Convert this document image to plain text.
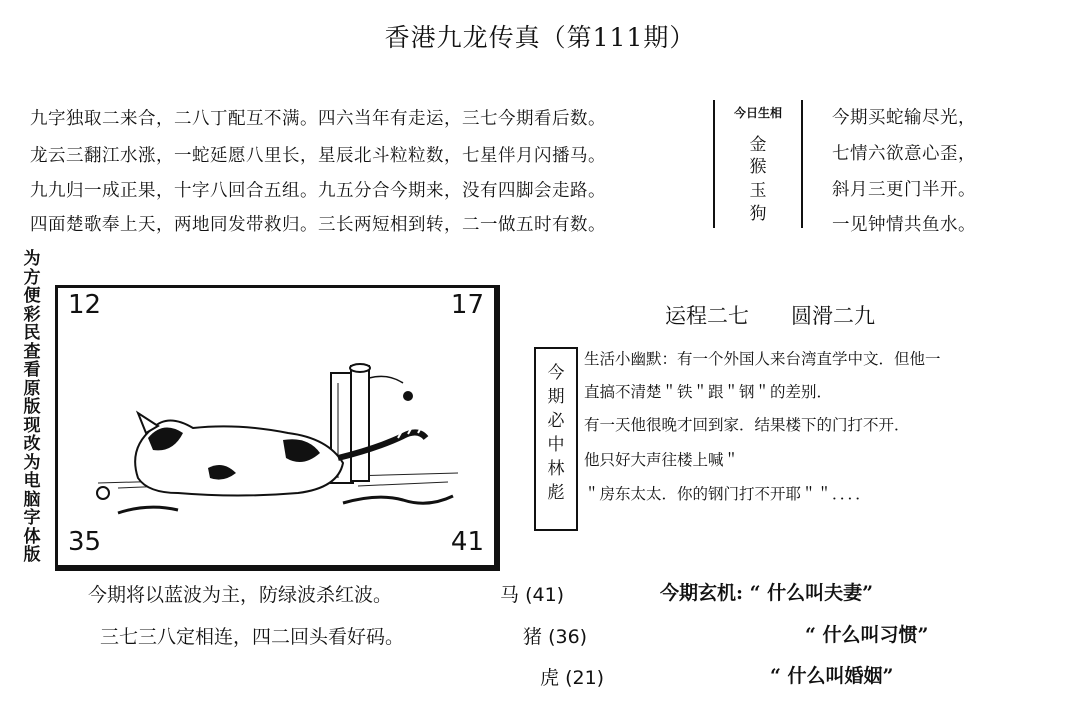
香港九龙传真（第111期）
九字独取二来合，二八丁配互不满。四六当年有走运，三七今期看后数。
龙云三翻江水涨，一蛇延愿八里长，星辰北斗粒粒数，七星伴月闪播马。
九九归一成正果，十字八回合五组。九五分合今期来，没有四脚会走路。
四面楚歌奉上天，两地同发带救归。三长两短相到转，二一做五时有数。
今日生相
金
猴
玉
狗
今期买蛇输尽光，
七情六欲意心歪，
斜月三更门半开。
一见钟情共鱼水。
为
方
便
彩
民
查
看
原
版
现
改
为
电
脑
字
体
版
12	17
35	41
运程二七　　圆滑二九
今
期
必
中
林
彪
生活小幽默：有一个外国人来台湾直学中文．但他一
直搞不清楚＂铁＂跟＂钢＂的差别．
有一天他很晚才回到家．结果楼下的门打不开．
他只好大声往楼上喊＂
＂房东太太．你的钢门打不开耶＂＂．．．．
今期将以蓝波为主，防绿波杀红波。
三七三八定相连，四二回头看好码。
马 (41)
猪 (36)
虎 (21)
今期玄机: “ 什么叫夫妻”
“ 什么叫习惯”
“ 什么叫婚姻”
